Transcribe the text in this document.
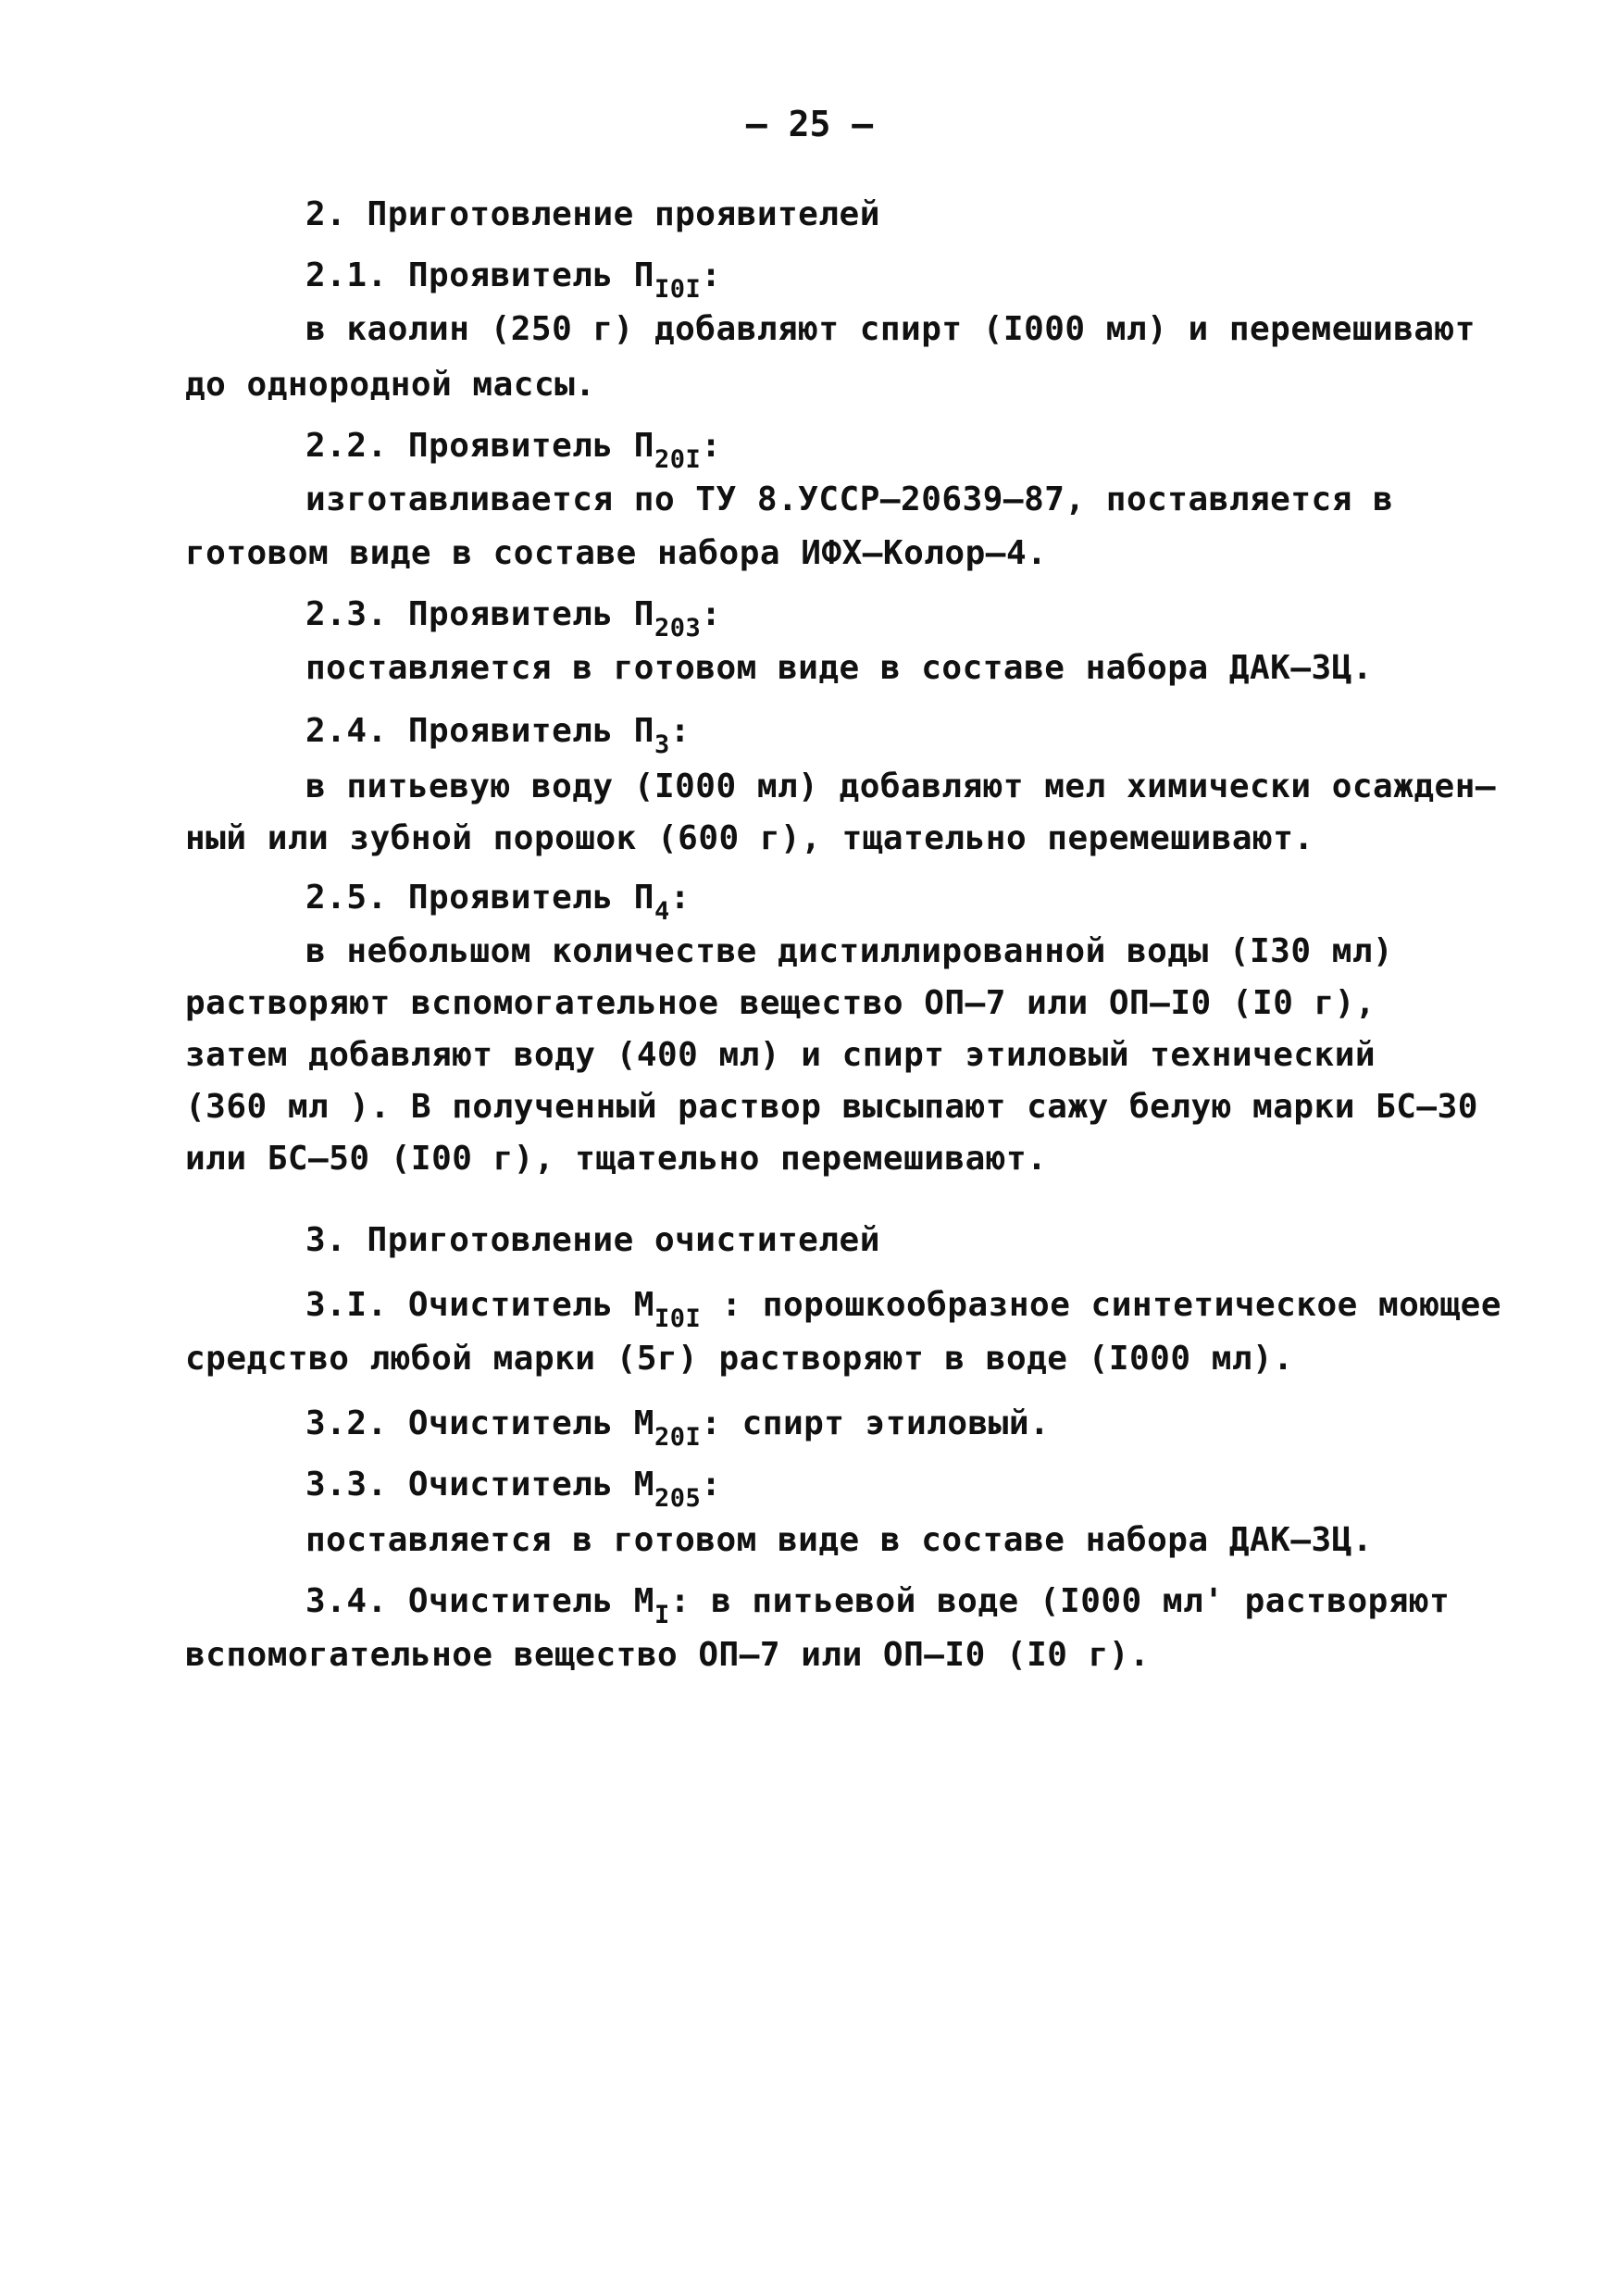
– 25 –
2. Приготовление проявителей
2.1. Проявитель $П_{I0I}$:
в каолин (250 г) добавляют спирт (I000 мл) и перемешивают
до однородной массы.
2.2. Проявитель $П_{20I}$:
изготавливается по ТУ 8.УССР–20639–87, поставляется в
готовом виде в составе набора ИФХ–Колор–4.
2.3. Проявитель $П_{203}$:
поставляется в готовом виде в составе набора ДАК–3Ц.
2.4. Проявитель $П_3$:
в питьевую воду (I000 мл) добавляют мел химически осажден–
ный или зубной порошок (600 г), тщательно перемешивают.
2.5. Проявитель $П_4$:
в небольшом количестве дистиллированной воды (I30 мл)
растворяют вспомогательное вещество ОП–7 или ОП–I0 (I0 г),
затем добавляют воду (400 мл) и спирт этиловый технический
(360 мл ). В полученный раствор высыпают сажу белую марки БС–30
или БС–50 (I00 г), тщательно перемешивают.
3. Приготовление очистителей
3.I. Очиститель $М_{I0I}$ : порошкообразное синтетическое моющее
средство любой марки (5г) растворяют в воде (I000 мл).
3.2. Очиститель $М_{20I}$: спирт этиловый.
3.3. Очиститель $М_{205}$:
поставляется в готовом виде в составе набора ДАК–3Ц.
3.4. Очиститель $М_I$: в питьевой воде (I000 мл' растворяют
вспомогательное вещество ОП–7 или ОП–I0 (I0 г).
